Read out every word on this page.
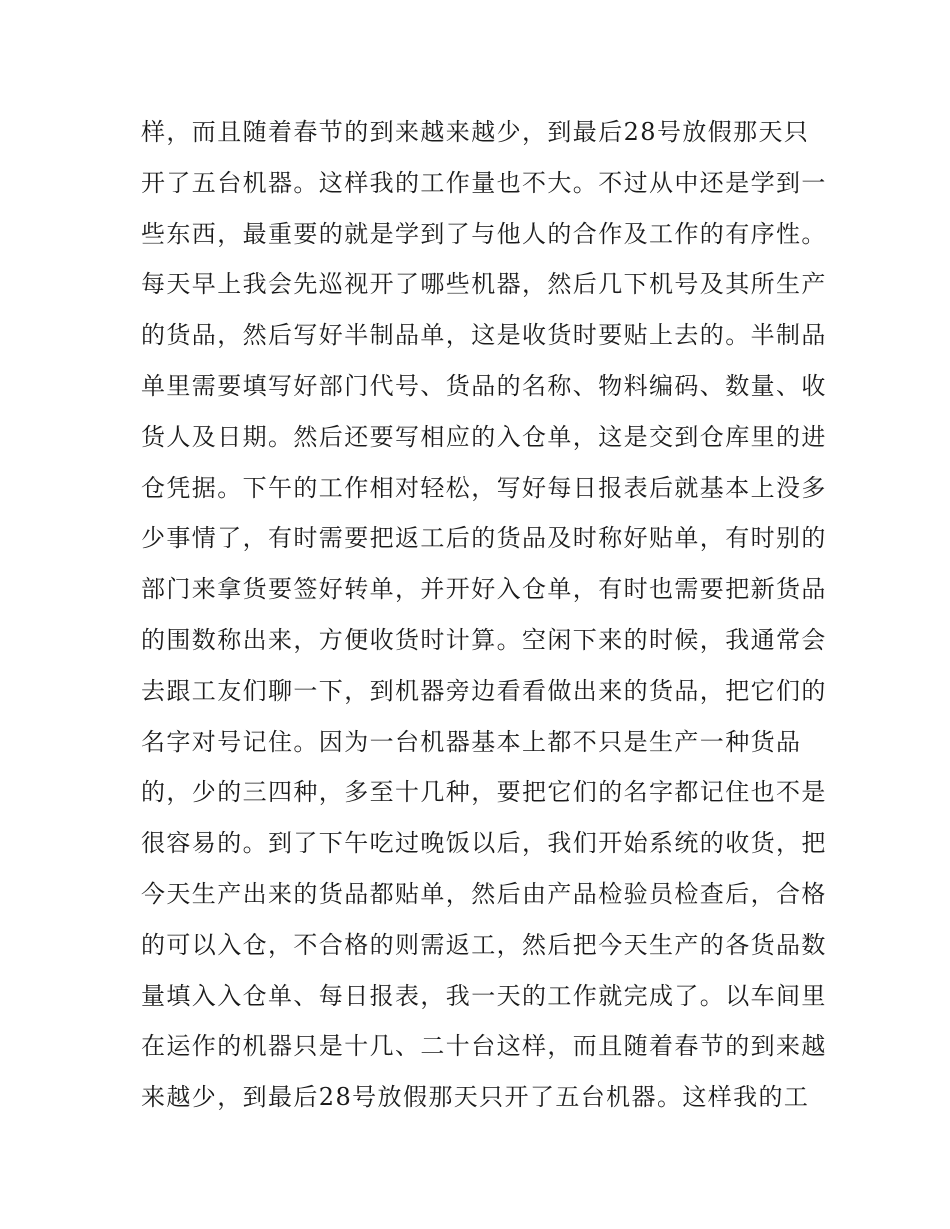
样，而且随着春节的到来越来越少，到最后28号放假那天只
开了五台机器。这样我的工作量也不大。不过从中还是学到一
些东西，最重要的就是学到了与他人的合作及工作的有序性。
每天早上我会先巡视开了哪些机器，然后几下机号及其所生产
的货品，然后写好半制品单，这是收货时要贴上去的。半制品
单里需要填写好部门代号、货品的名称、物料编码、数量、收
货人及日期。然后还要写相应的入仓单，这是交到仓库里的进
仓凭据。下午的工作相对轻松，写好每日报表后就基本上没多
少事情了，有时需要把返工后的货品及时称好贴单，有时别的
部门来拿货要签好转单，并开好入仓单，有时也需要把新货品
的围数称出来，方便收货时计算。空闲下来的时候，我通常会
去跟工友们聊一下，到机器旁边看看做出来的货品，把它们的
名字对号记住。因为一台机器基本上都不只是生产一种货品
的，少的三四种，多至十几种，要把它们的名字都记住也不是
很容易的。到了下午吃过晚饭以后，我们开始系统的收货，把
今天生产出来的货品都贴单，然后由产品检验员检查后，合格
的可以入仓，不合格的则需返工，然后把今天生产的各货品数
量填入入仓单、每日报表，我一天的工作就完成了。以车间里
在运作的机器只是十几、二十台这样，而且随着春节的到来越
来越少，到最后28号放假那天只开了五台机器。这样我的工
